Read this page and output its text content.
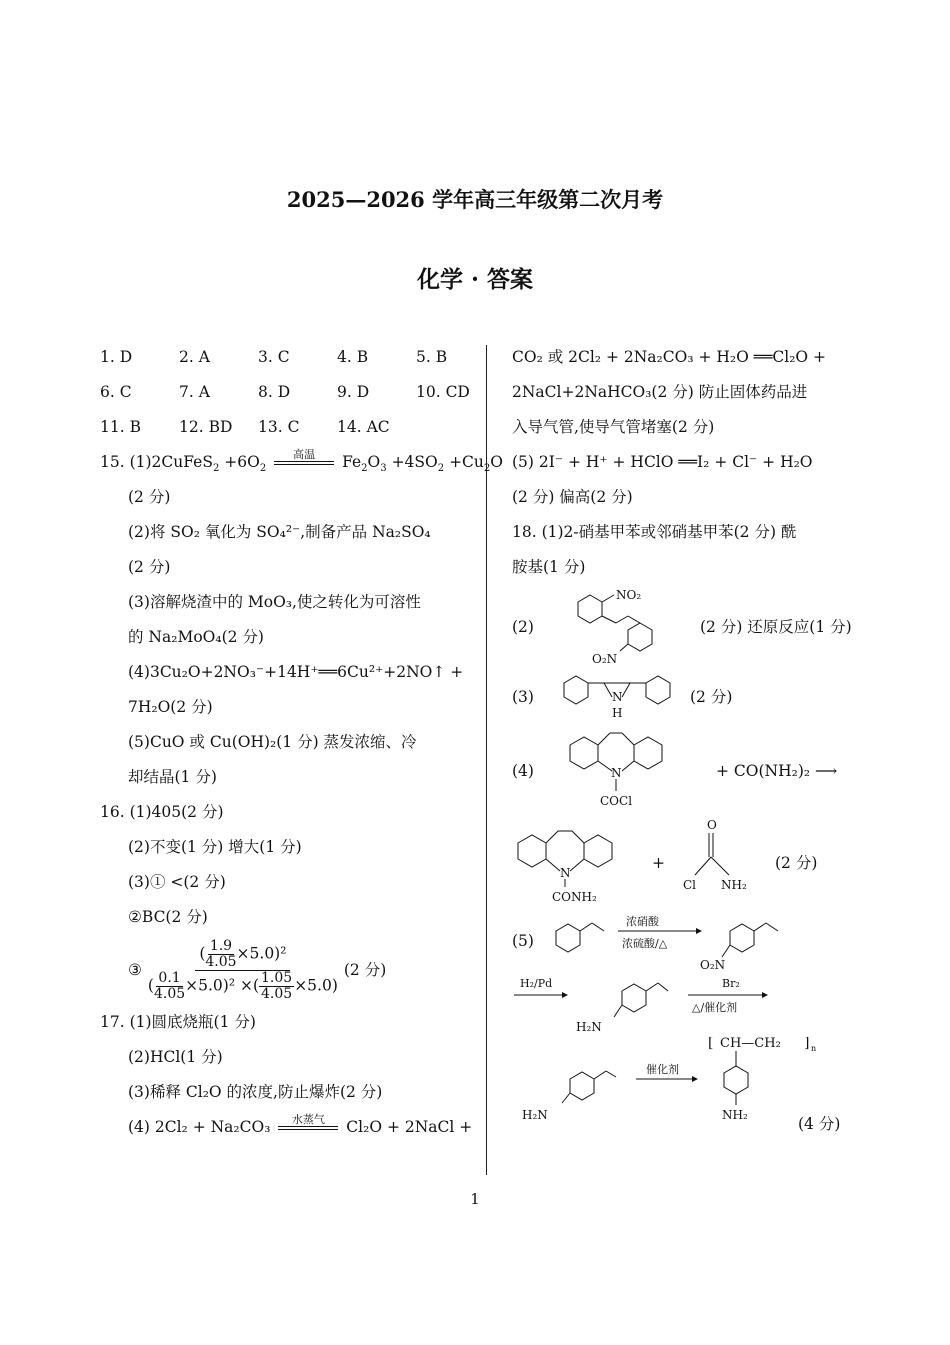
2025—2026 学年高三年级第二次月考
化学 · 答案
1. D	2. A	3. C	4. B	5. B
6. C	7. A	8. D	9. D	10. CD
11. B	12. BD	13. C	14. AC
15. (1)2CuFeS$_2$ $+6O_2$
高温
$Fe_2O_3 +4SO_2 +Cu_2O$
(2 分)
(2)将 SO₂ 氧化为 SO₄²⁻,制备产品 Na₂SO₄
(2 分)
(3)溶解烧渣中的 MoO₃,使之转化为可溶性
的 Na₂MoO₄(2 分)
(4)3Cu₂O+2NO₃⁻+14H⁺══6Cu²⁺+2NO↑ +
7H₂O(2 分)
(5)CuO 或 Cu(OH)₂(1 分) 蒸发浓缩、冷
却结晶(1 分)
16. (1)405(2 分)
(2)不变(1 分) 增大(1 分)
(3)① <(2 分)
②BC(2 分)
③ $\frac{( \frac{1.9}{4.05} \times 5.0)^2}{( \frac{0.1}{4.05} \times 5.0)^2 \times( \frac{1.05}{4.05} \times 5.0)} (2$ 分)
17. (1)圆底烧瓶(1 分)
(2)HCl(1 分)
(3)稀释 Cl₂O 的浓度,防止爆炸(2 分)
(4) 2Cl₂ + Na₂CO₃ 水蒸气
Cl₂O + 2NaCl +
CO₂ 或 2Cl₂ + 2Na₂CO₃ + H₂O ══Cl₂O +
2NaCl+2NaHCO₃(2 分) 防止固体药品进
入导气管,使导气管堵塞(2 分)
(5) 2I⁻ + H⁺ + HClO ══I₂ + Cl⁻ + H₂O
(2 分) 偏高(2 分)
18. (1)2-硝基甲苯或邻硝基甲苯(2 分) 酰
胺基(1 分)
(2)
NO₂
O₂N
(2 分) 还原反应(1 分)
(3)	N
H
(2 分)
(4)	N
COCl
+ CO(NH₂)₂ ⟶
N
CONH₂
+
O
Cl NH₂
(2 分)
(5)
浓硝酸
浓硫酸/△
O₂N
H₂/Pd
H₂N
Br₂
△/催化剂
H₂N
催化剂
[ CH—CH₂ ] n
NH₂	(4 分)
1
